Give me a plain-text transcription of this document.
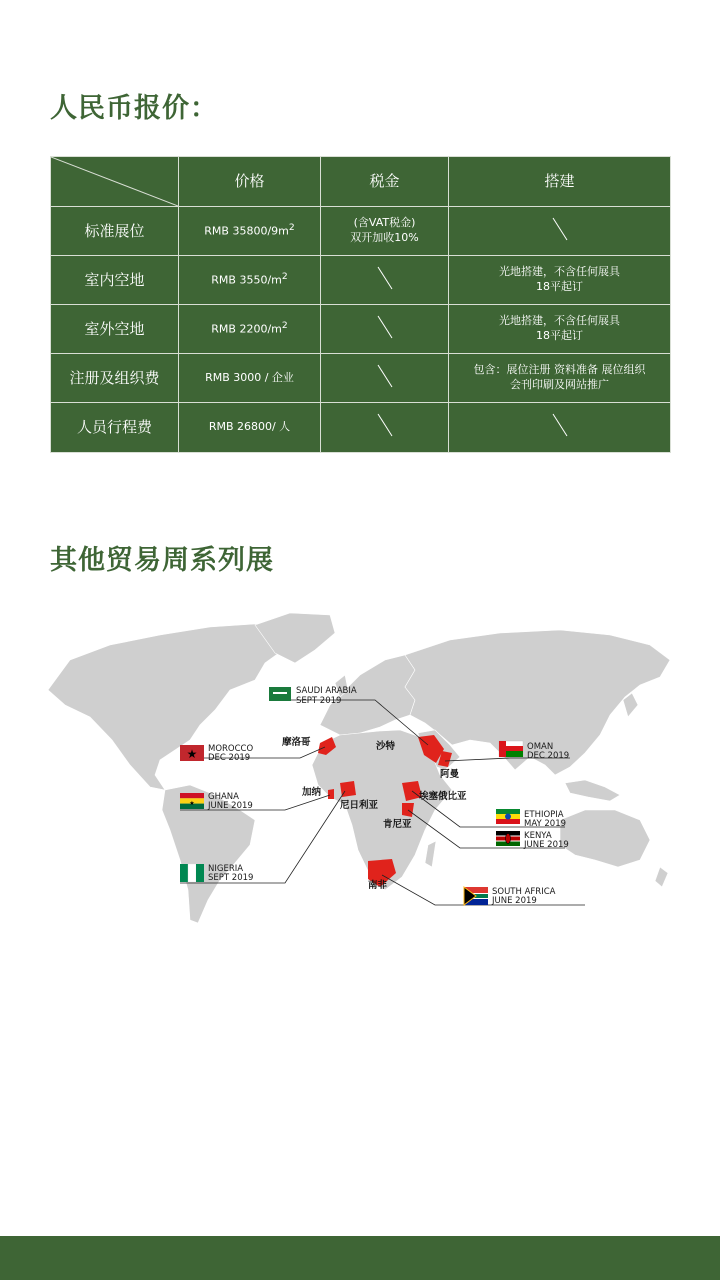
人民币报价：
	价格	税金	搭建
标准展位	RMB $35800/9m^2$	(含VAT税金)
双开加收10%

室内空地	RMB $3550/m^2$		光地搭建，不含任何展具
18平起订

室外空地	RMB $2200/m^2$		光地搭建，不含任何展具
18平起订

注册及组织费	RMB 3000 / 企业		包含：展位注册 资料准备 展位组织
会刊印刷及网站推广

人员行程费	RMB 26800/ 人		
其他贸易周系列展
★
★
SAUDI ARABIA
SEPT 2019
MOROCCO
DEC 2019
OMAN
DEC 2019
GHANA
JUNE 2019
ETHIOPIA
MAY 2019
KENYA
JUNE 2019
NIGERIA
SEPT 2019
SOUTH AFRICA
JUNE 2019
摩洛哥	沙特
阿曼
加纳
尼日利亚
埃塞俄比亚
肯尼亚
南非
